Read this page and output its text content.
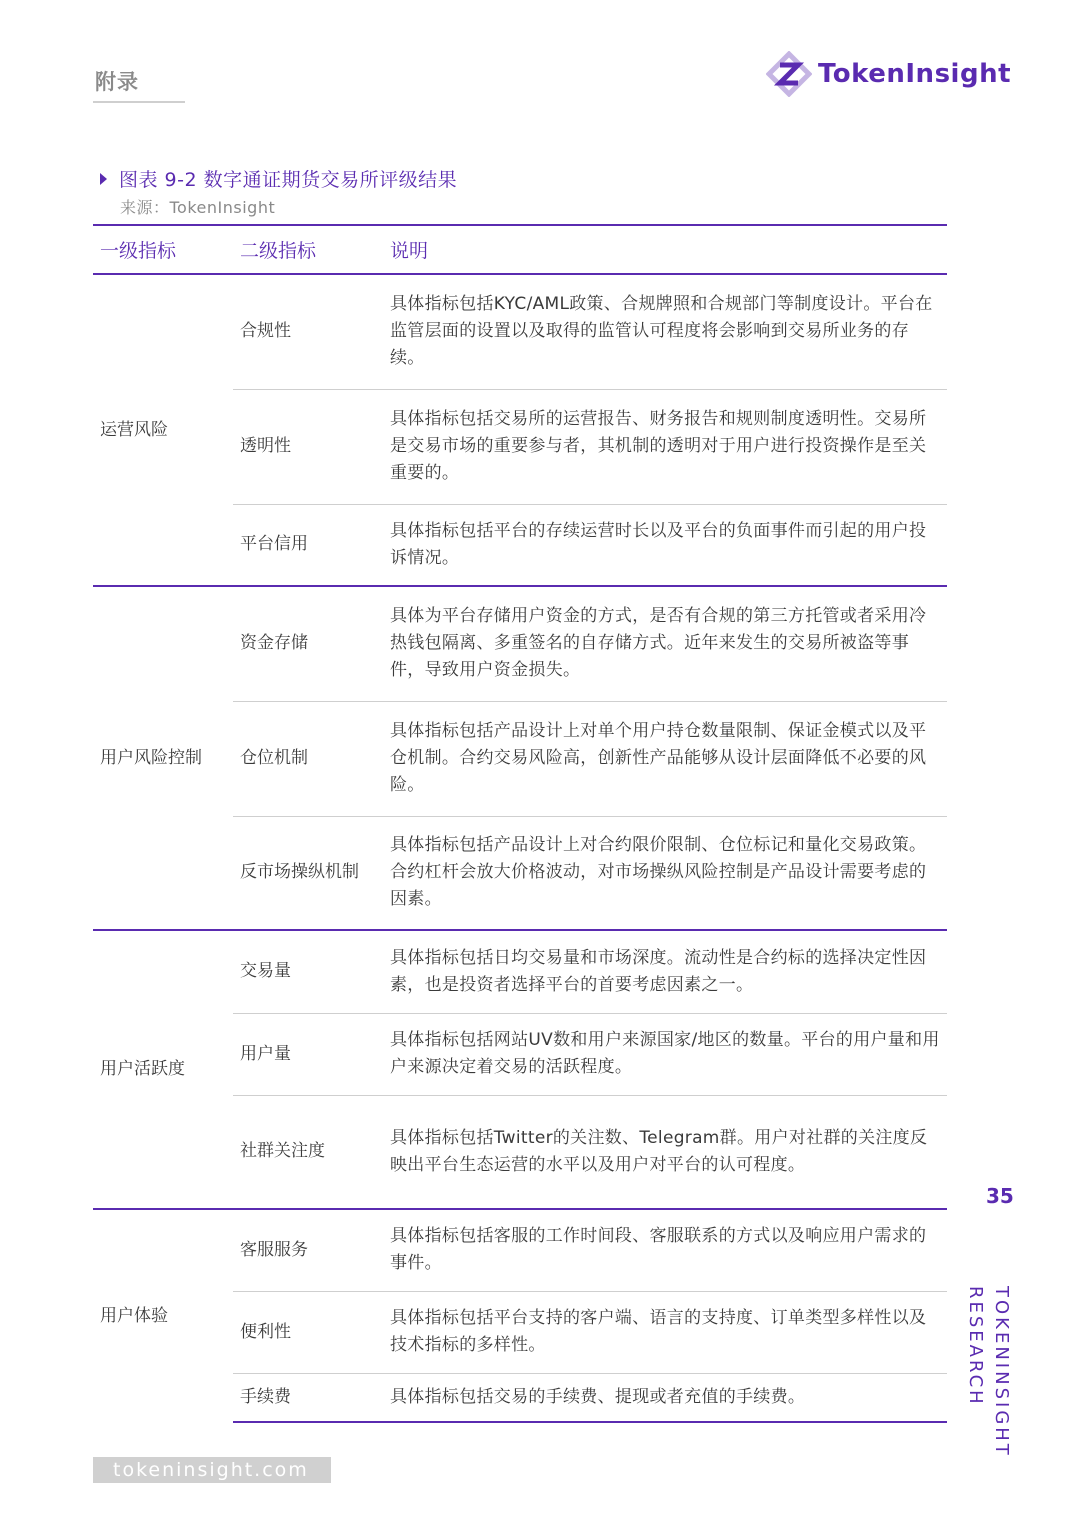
附录	TokenInsight
图表 9-2 数字通证期货交易所评级结果
来源：TokenInsight
一级指标	二级指标	说明
运营风险	合规性	具体指标包括KYC/AML政策、合规牌照和合规部门等制度设计。平台在监管层面的设置以及取得的监管认可程度将会影响到交易所业务的存续。
	透明性	具体指标包括交易所的运营报告、财务报告和规则制度透明性。交易所是交易市场的重要参与者，其机制的透明对于用户进行投资操作是至关重要的。
	平台信用	具体指标包括平台的存续运营时长以及平台的负面事件而引起的用户投诉情况。
用户风险控制	资金存储	具体为平台存储用户资金的方式，是否有合规的第三方托管或者采用冷热钱包隔离、多重签名的自存储方式。近年来发生的交易所被盗等事件，导致用户资金损失。
	仓位机制	具体指标包括产品设计上对单个用户持仓数量限制、保证金模式以及平仓机制。合约交易风险高，创新性产品能够从设计层面降低不必要的风险。
	反市场操纵机制	具体指标包括产品设计上对合约限价限制、仓位标记和量化交易政策。合约杠杆会放大价格波动，对市场操纵风险控制是产品设计需要考虑的因素。
用户活跃度	交易量	具体指标包括日均交易量和市场深度。流动性是合约标的选择决定性因素，也是投资者选择平台的首要考虑因素之一。
	用户量	具体指标包括网站UV数和用户来源国家/地区的数量。平台的用户量和用户来源决定着交易的活跃程度。
	社群关注度	具体指标包括Twitter的关注数、Telegram群。用户对社群的关注度反映出平台生态运营的水平以及用户对平台的认可程度。
用户体验	客服服务	具体指标包括客服的工作时间段、客服联系的方式以及响应用户需求的事件。
	便利性	具体指标包括平台支持的客户端、语言的支持度、订单类型多样性以及技术指标的多样性。
	手续费	具体指标包括交易的手续费、提现或者充值的手续费。
35
TOKENINSIGHT RESEARCH
tokeninsight.com
